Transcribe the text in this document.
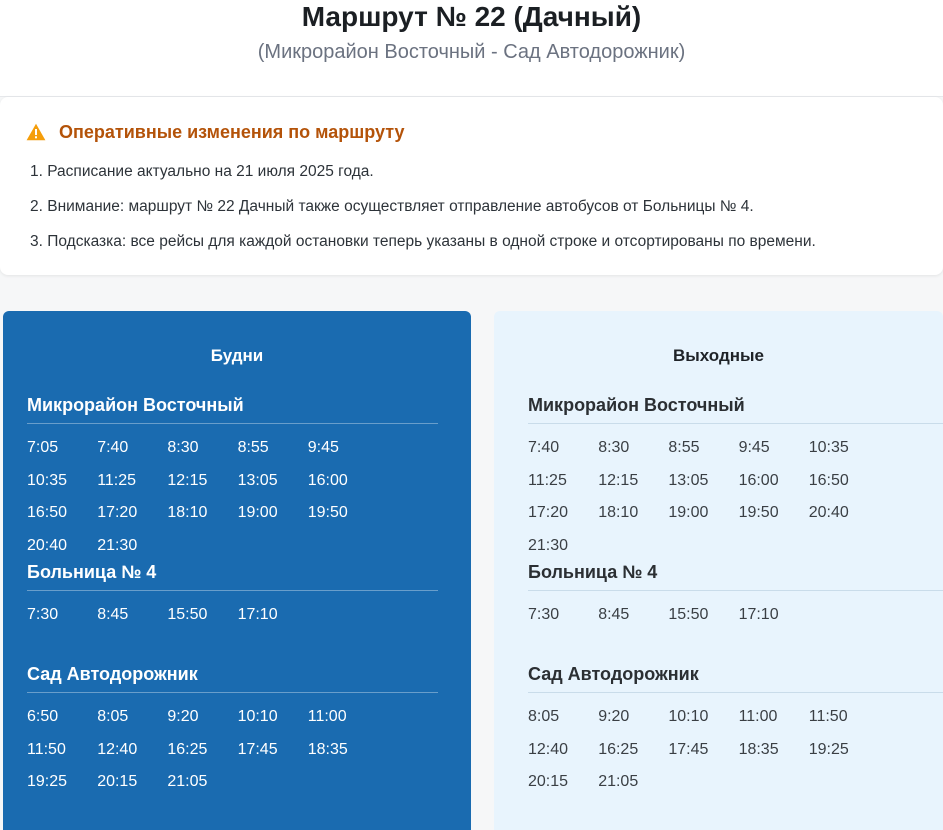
Маршрут № 22 (Дачный)
(Микрорайон Восточный - Сад Автодорожник)
Оперативные изменения по маршруту
1. Расписание актуально на 21 июля 2025 года.
2. Внимание: маршрут № 22 Дачный также осуществляет отправление автобусов от Больницы № 4.
3. Подсказка: все рейсы для каждой остановки теперь указаны в одной строке и отсортированы по времени.
Будни
Микрорайон Восточный
7:05	7:40	8:30	8:55	9:45
10:35	11:25	12:15	13:05	16:00
16:50	17:20	18:10	19:00	19:50
20:40	21:30
Больница № 4
7:30	8:45	15:50	17:10
Сад Автодорожник
6:50	8:05	9:20	10:10	11:00
11:50	12:40	16:25	17:45	18:35
19:25	20:15	21:05
Выходные
Микрорайон Восточный
7:40	8:30	8:55	9:45	10:35
11:25	12:15	13:05	16:00	16:50
17:20	18:10	19:00	19:50	20:40
21:30
Больница № 4
7:30	8:45	15:50	17:10
Сад Автодорожник
8:05	9:20	10:10	11:00	11:50
12:40	16:25	17:45	18:35	19:25
20:15	21:05
